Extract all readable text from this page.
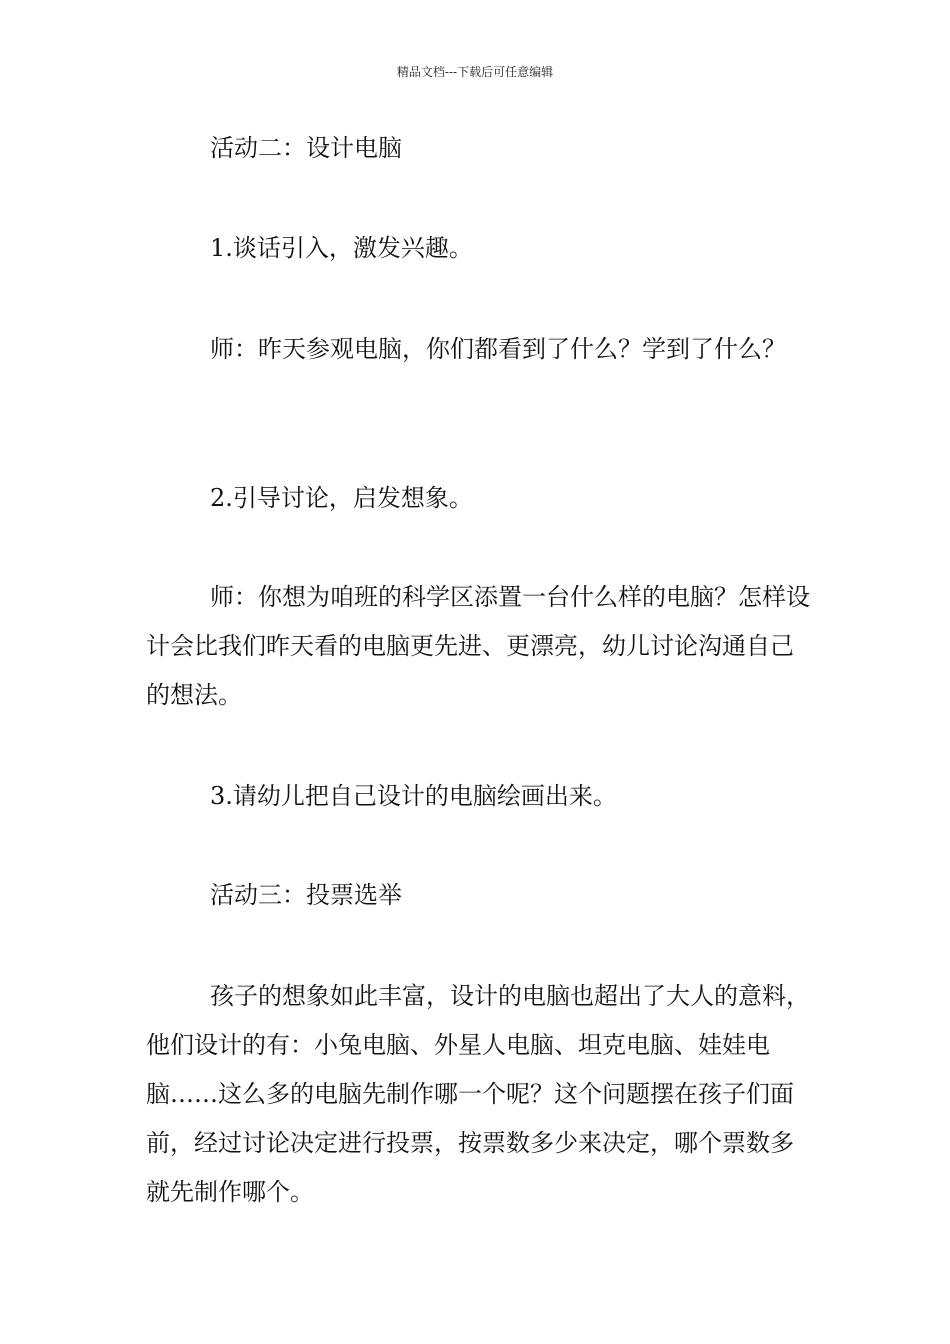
精品文档---下载后可任意编辑

活动二：设计电脑

1.谈话引入，激发兴趣。

师：昨天参观电脑，你们都看到了什么？学到了什么？

2.引导讨论，启发想象。

师：你想为咱班的科学区添置一台什么样的电脑？怎样设计会比我们昨天看的电脑更先进、更漂亮，幼儿讨论沟通自己的想法。

3.请幼儿把自己设计的电脑绘画出来。

活动三：投票选举

孩子的想象如此丰富，设计的电脑也超出了大人的意料，他们设计的有：小兔电脑、外星人电脑、坦克电脑、娃娃电脑……这么多的电脑先制作哪一个呢？这个问题摆在孩子们面前，经过讨论决定进行投票，按票数多少来决定，哪个票数多就先制作哪个。
